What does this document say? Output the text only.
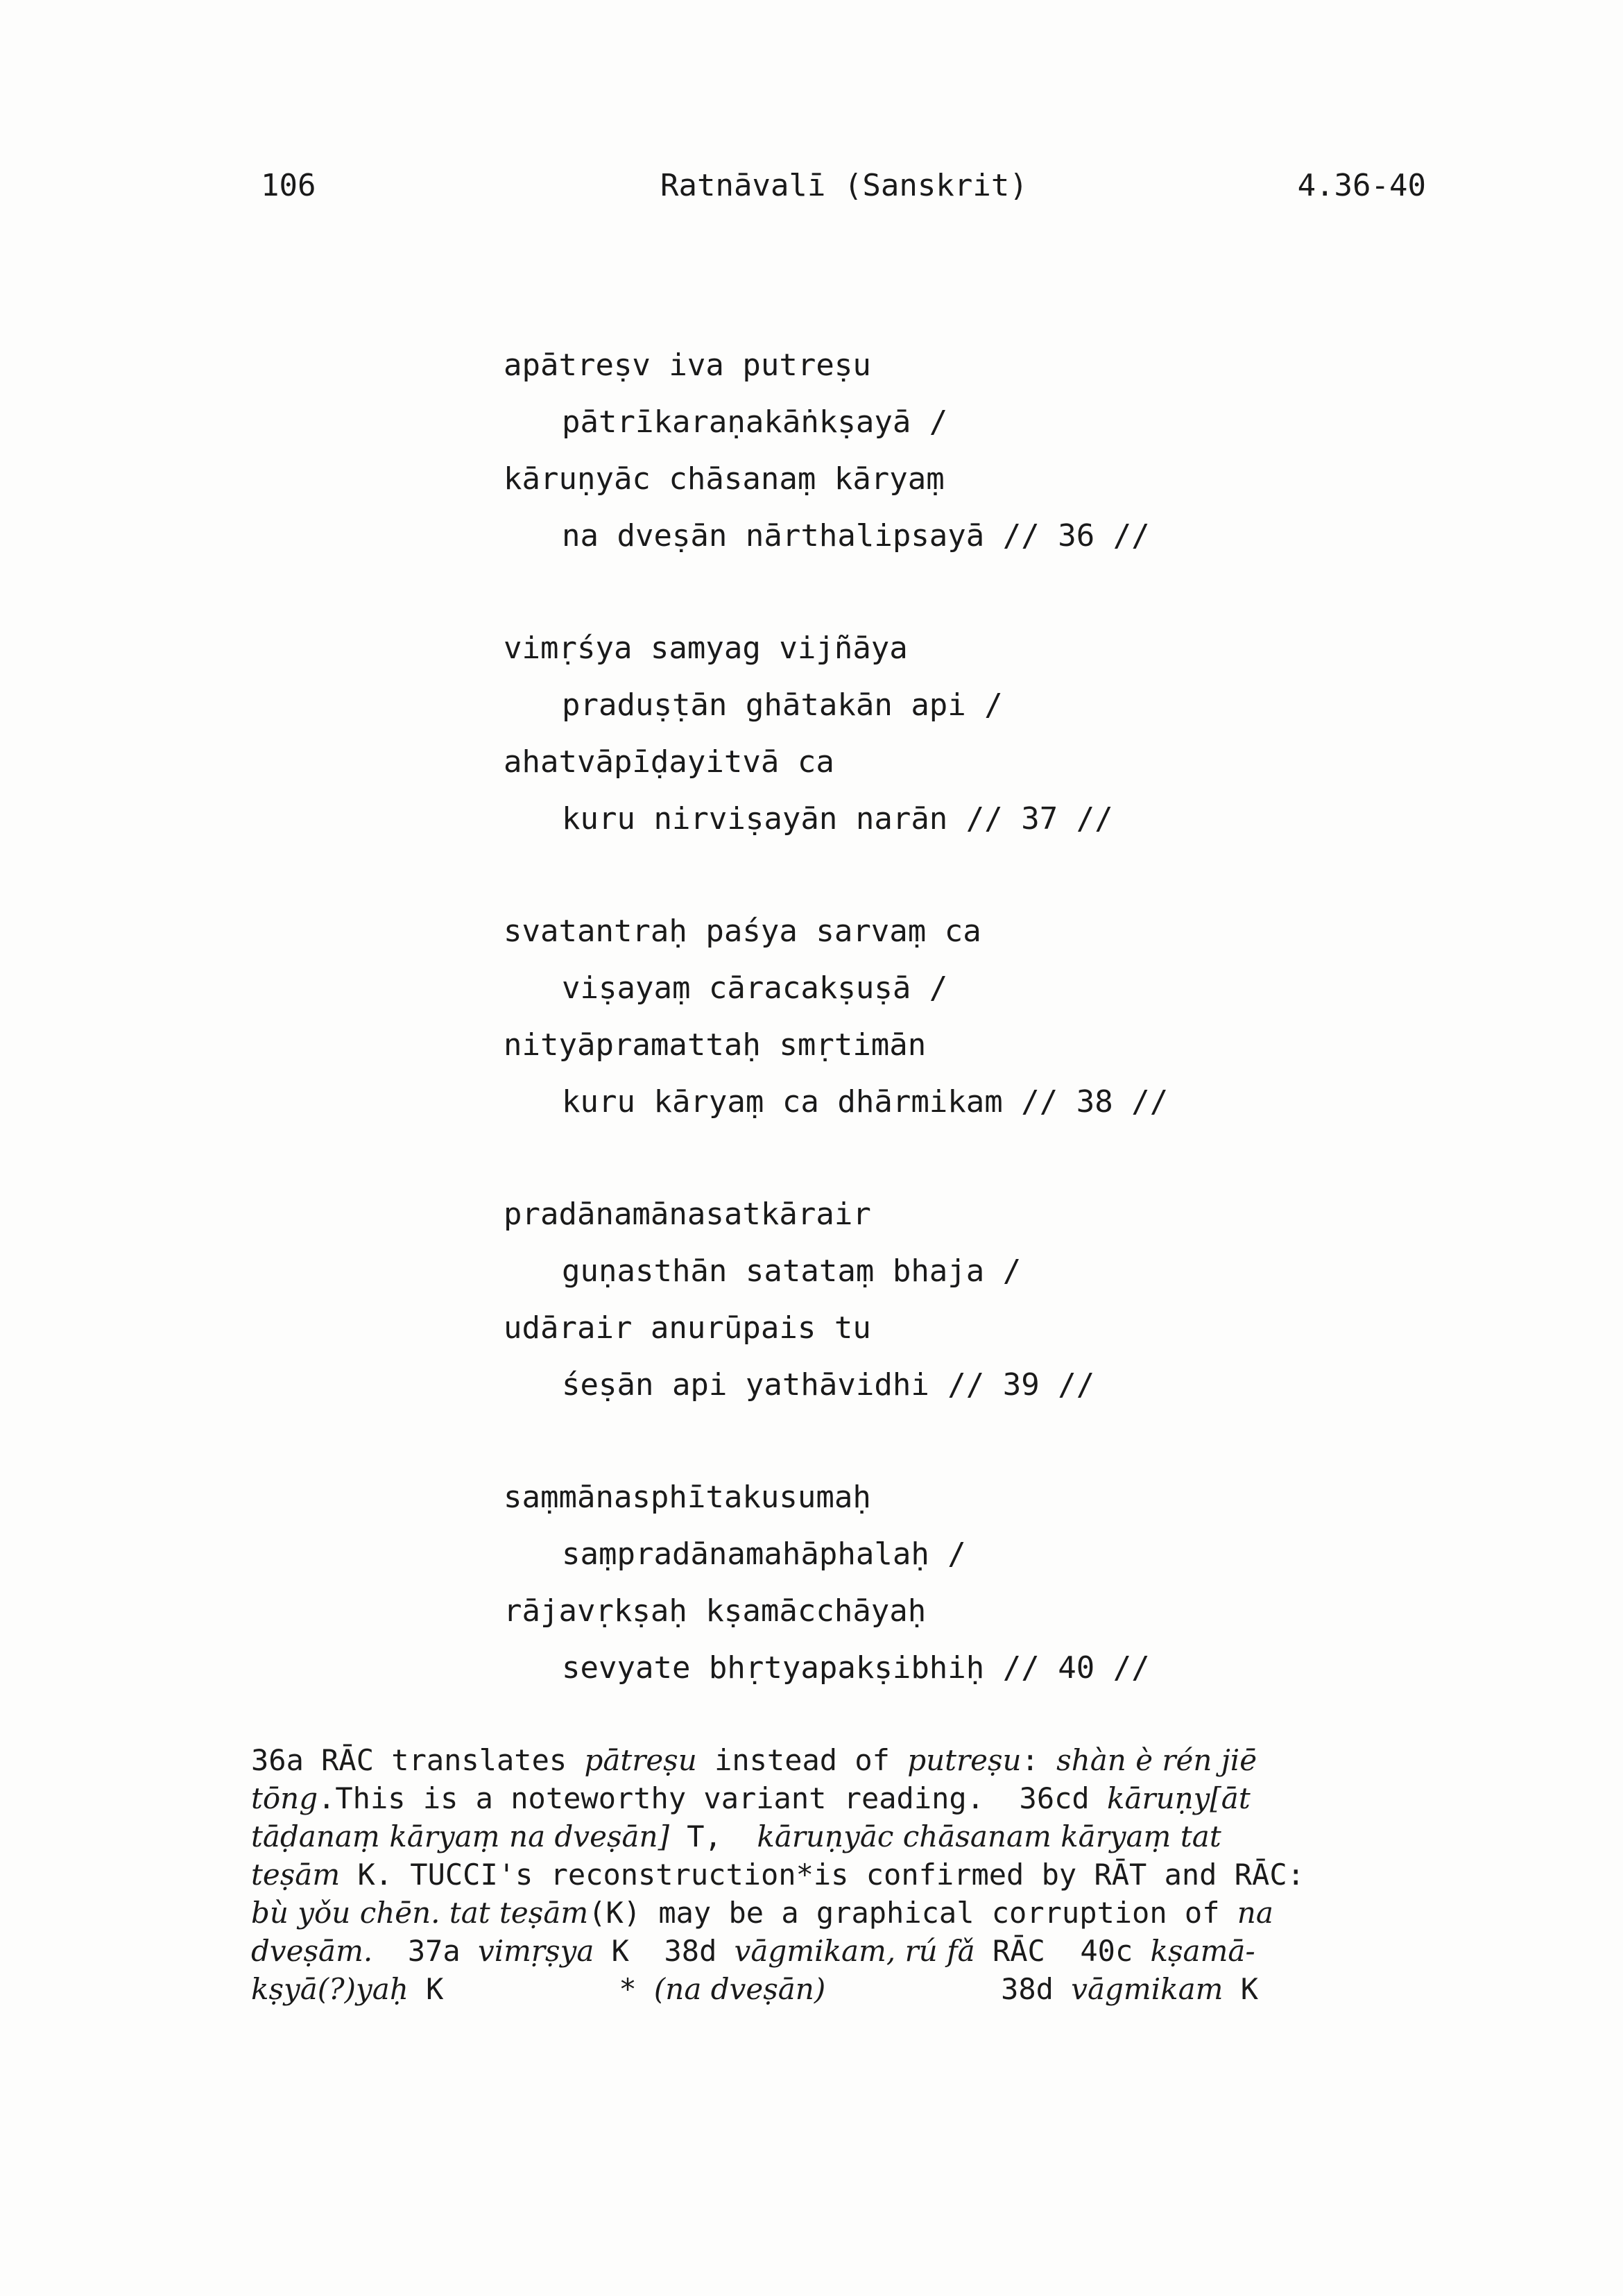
106	Ratnāvalī (Sanskrit)	4.36-40
apātreṣv iva putreṣu
pātrīkaraṇakāṅkṣayā /
kāruṇyāc chāsanaṃ kāryaṃ
na dveṣān nārthalipsayā // 36 //
vimṛśya samyag vijñāya
praduṣṭān ghātakān api /
ahatvāpīḍayitvā ca
kuru nirviṣayān narān // 37 //
svatantraḥ paśya sarvaṃ ca
viṣayaṃ cāracakṣuṣā /
nityāpramattaḥ smṛtimān
kuru kāryaṃ ca dhārmikam // 38 //
pradānamānasatkārair
guṇasthān satataṃ bhaja /
udārair anurūpais tu
śeṣān api yathāvidhi // 39 //
saṃmānasphītakusumaḥ
saṃpradānamahāphalaḥ /
rājavṛkṣaḥ kṣamācchāyaḥ
sevyate bhṛtyapakṣibhiḥ // 40 //
36a RĀC translates pātreṣu instead of putreṣu: shàn è rén jiē
tōng.This is a noteworthy variant reading.  36cd kāruṇy[āt
tāḍanaṃ kāryaṃ na dveṣān] T,  kāruṇyāc chāsanam kāryaṃ tat
teṣām K. TUCCI's reconstruction*is confirmed by RĀT and RĀC:
bù yǒu chēn. tat teṣām(K) may be a graphical corruption of na
dveṣām.  37a vimṛṣya K  38d vāgmikam, rú fǎ RĀC  40c kṣamā-
kṣyā(?)yaḥ K          * (na dveṣān)          38d vāgmikam K
